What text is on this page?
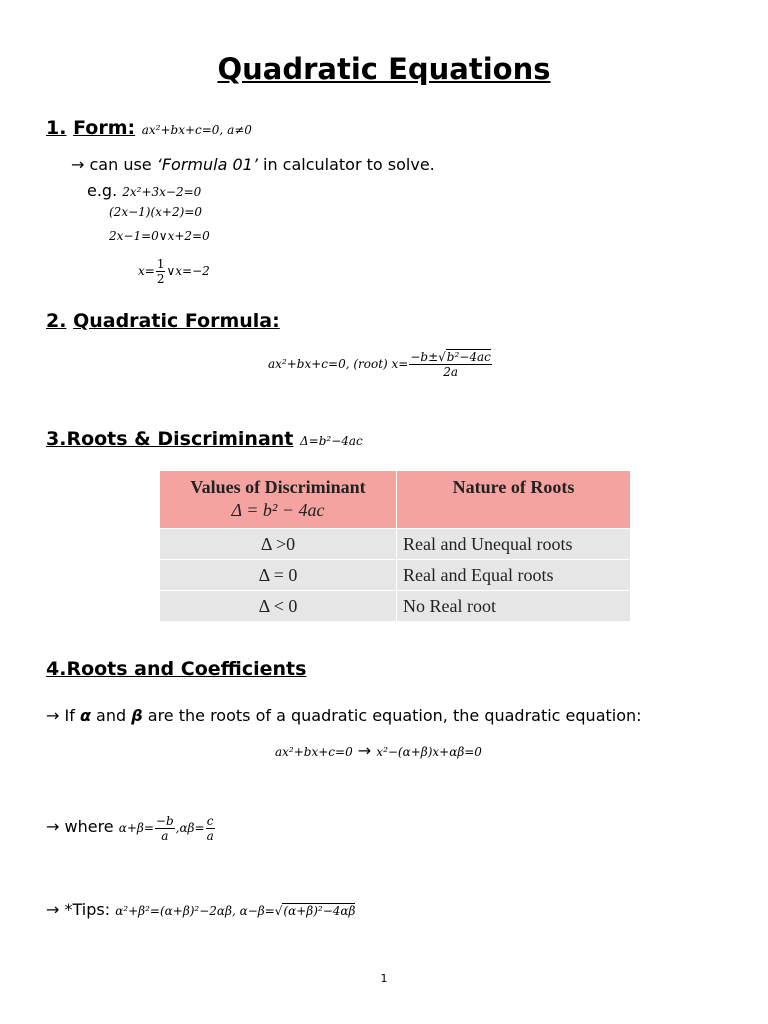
Quadratic Equations
1. Form: ax²+bx+c=0, a≠0
→ can use ‘Formula 01’ in calculator to solve.
e.g. 2x²+3x−2=0
(2x−1)(x+2)=0
2x−1=0∨x+2=0
$x= \frac{1}{2}$ ∨x=−2
2. Quadratic Formula:
ax²+bx+c=0, (root) $x= \frac{\text{−b±√b²−4ac}}{2a}$
3.Roots & Discriminant Δ=b²−4ac
Values of Discriminant
Δ = b² − 4ac	Nature of Roots
Δ >0	Real and Unequal roots
Δ = 0	Real and Equal roots
Δ < 0	No Real root
4.Roots and Coefficients
→ If α and β are the roots of a quadratic equation, the quadratic equation:
ax²+bx+c=0 → x²−(α+β)x+αβ=0
→ where $\alpha+\beta= \frac{-b}{a} ,\alpha\beta= \frac{c}{a}$
→ *Tips: α²+β²=(α+β)²−2αβ, α−β=√(α+β)²−4αβ
1
